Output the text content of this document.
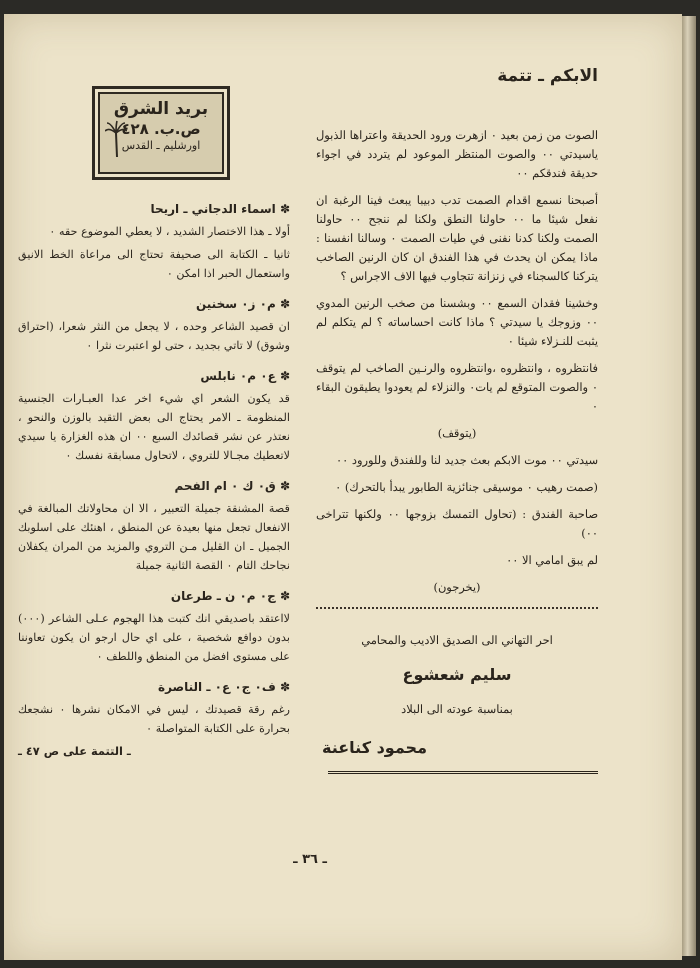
الابكم ـ تتمة

الصوت من زمن بعيد ٠ ازهرت ورود الحديقة واعتراها الذبول ياسيدتي ٠٠ والصوت المنتظر الموعود لم يتردد في اجواء حديقة فندقكم ٠٠

أصبحنا نسمع اقدام الصمت تدب دبيبا يبعث فينا الرغبة ان نفعل شيئا ما ٠٠ حاولنا النطق ولكنا لم ننجح ٠٠ حاولنا الصمت ولكنا كدنا نفنى في طيات الصمت ٠ وسالنا انفسنا : ماذا يمكن ان يحدث في هذا الفندق ان كان الرنين الصاخب يتركنا كالسجناء في زنزانة تتجاوب فيها الاف الاجراس ؟

وخشينا فقدان السمع ٠٠ وبشسنا من صخب الرنين المدوي ٠٠ وزوجك يا سيدتي ؟ ماذا كانت احساساته ؟ لم يتكلم لم يثبت للنـزلاء شيئا ٠

فانتظروه ، وانتظروه ،وانتظروه والرنـين الصاخب لم يتوقف ٠ والصوت المتوقع لم يات٠ والنزلاء لم يعودوا يطيقون البقاء ٠

(يتوقف)

سيدتي ٠٠ موت الابكم بعث جديد لنا وللفندق وللورود ٠٠

(صمت رهيب ٠ موسيقى جنائزية الطابور يبدأ بالتحرك) ٠

صاحبة الفندق : (تحاول التمسك بزوجها ٠٠ ولكنها تتراخى ٠٠)

لم يبق امامي الا ٠٠

(يخرجون)

احر التهاني الى الصديق الاديب والمحامي
سليم شعشوع
بمناسبة عودته الى البلاد
محمود كناعنة
بريد الشرق
ص.ب. ٤٢٨
اورشليم ـ القدس
✽ اسماء الدجاني ـ اريحا

أولا ـ هذا الاختصار الشديد ، لا يعطي الموضوع حقه ٠

ثانيا ـ الكتابة الى صحيفة تحتاج الى مراعاة الخط الانيق واستعمال الحبر اذا امكن ٠

✽ م٠ ز٠ سخنين

ان قصيد الشاعر وحده ، لا يجعل من النثر شعرا، (احتراق وشوق) لا تاتي بجديد ، حتى لو اعتبرت نثرا ٠

✽ ع٠ م٠ نابلس

قد يكون الشعر اي شيء اخر عدا العبـارات الجنسية المنظومة ـ الامر يحتاج الى بعض التقيد بالوزن والنحو ، نعتذر عن نشر قصائدك السبع ٠٠ ان هذه الغزارة يا سيدي لاتعطيك مجـالا للتروي ، لاتحاول مسابقة نفسك ٠

✽ ق٠ ك ٠ ام الفحم

قصة المشنقة جميلة التعبير ، الا ان محاولاتك المبالغة في الانفعال تجعل منها بعيدة عن المنطق ، اهنئك على اسلوبك الجميل ـ ان القليل مـن التروي والمزيد من المران يكفلان نجاحك التام ٠ القصة الثانية جميلة

✽ ج٠ م٠ ن ـ طرعان

لااعتقد باصديقي انك كتبت هذا الهجوم عـلى الشاعر (٠٠٠) بدون دوافع شخصية ، على اي حال ارجو ان يكون تعاوننا على مستوى افضل من المنطق واللطف ٠

✽ ف٠ ج٠ ع٠ ـ الناصرة

رغم رقة قصيدتك ، ليس في الامكان نشرها ٠ نشجعك بحرارة على الكتابة المتواصلة ٠

ـ التتمة على ص ٤٧ ـ
ـ ٣٦ ـ
